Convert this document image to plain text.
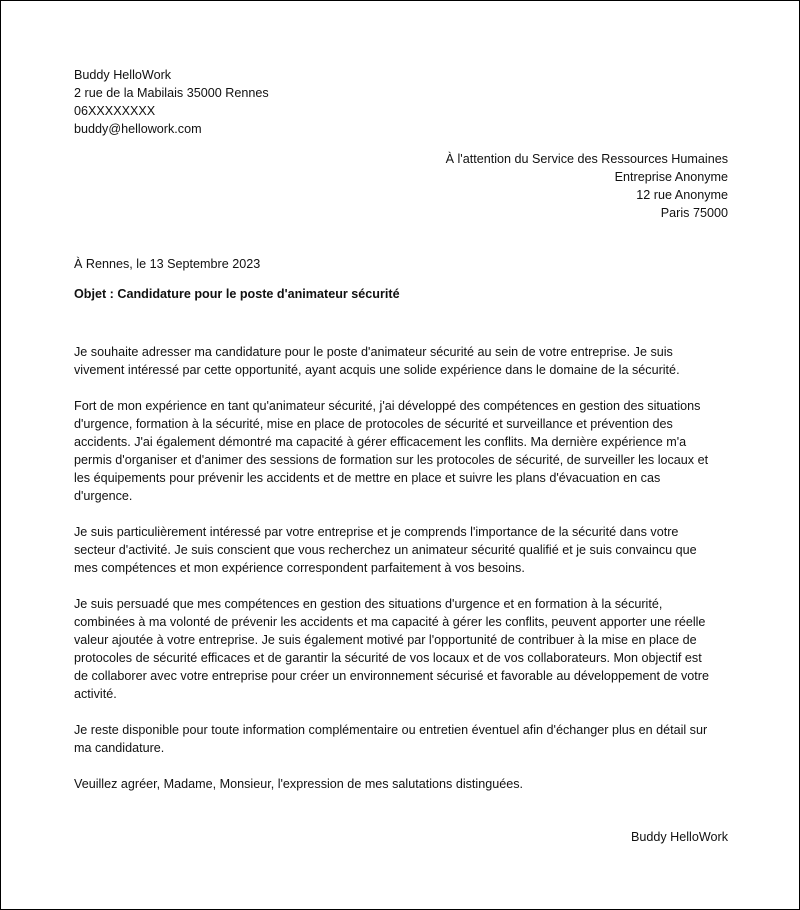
Buddy HelloWork
2 rue de la Mabilais 35000 Rennes
06XXXXXXXX
buddy@hellowork.com
À l'attention du Service des Ressources Humaines
Entreprise Anonyme
12 rue Anonyme
Paris 75000
À Rennes, le 13 Septembre 2023
Objet : Candidature pour le poste d'animateur sécurité

Je souhaite adresser ma candidature pour le poste d'animateur sécurité au sein de votre entreprise. Je suis
vivement intéressé par cette opportunité, ayant acquis une solide expérience dans le domaine de la sécurité.

Fort de mon expérience en tant qu'animateur sécurité, j'ai développé des compétences en gestion des situations
d'urgence, formation à la sécurité, mise en place de protocoles de sécurité et surveillance et prévention des
accidents. J'ai également démontré ma capacité à gérer efficacement les conflits. Ma dernière expérience m'a
permis d'organiser et d'animer des sessions de formation sur les protocoles de sécurité, de surveiller les locaux et
les équipements pour prévenir les accidents et de mettre en place et suivre les plans d'évacuation en cas
d'urgence.

Je suis particulièrement intéressé par votre entreprise et je comprends l'importance de la sécurité dans votre
secteur d'activité. Je suis conscient que vous recherchez un animateur sécurité qualifié et je suis convaincu que
mes compétences et mon expérience correspondent parfaitement à vos besoins.

Je suis persuadé que mes compétences en gestion des situations d'urgence et en formation à la sécurité,
combinées à ma volonté de prévenir les accidents et ma capacité à gérer les conflits, peuvent apporter une réelle
valeur ajoutée à votre entreprise. Je suis également motivé par l'opportunité de contribuer à la mise en place de
protocoles de sécurité efficaces et de garantir la sécurité de vos locaux et de vos collaborateurs. Mon objectif est
de collaborer avec votre entreprise pour créer un environnement sécurisé et favorable au développement de votre
activité.

Je reste disponible pour toute information complémentaire ou entretien éventuel afin d'échanger plus en détail sur
ma candidature.

Veuillez agréer, Madame, Monsieur, l'expression de mes salutations distinguées.

Buddy HelloWork
